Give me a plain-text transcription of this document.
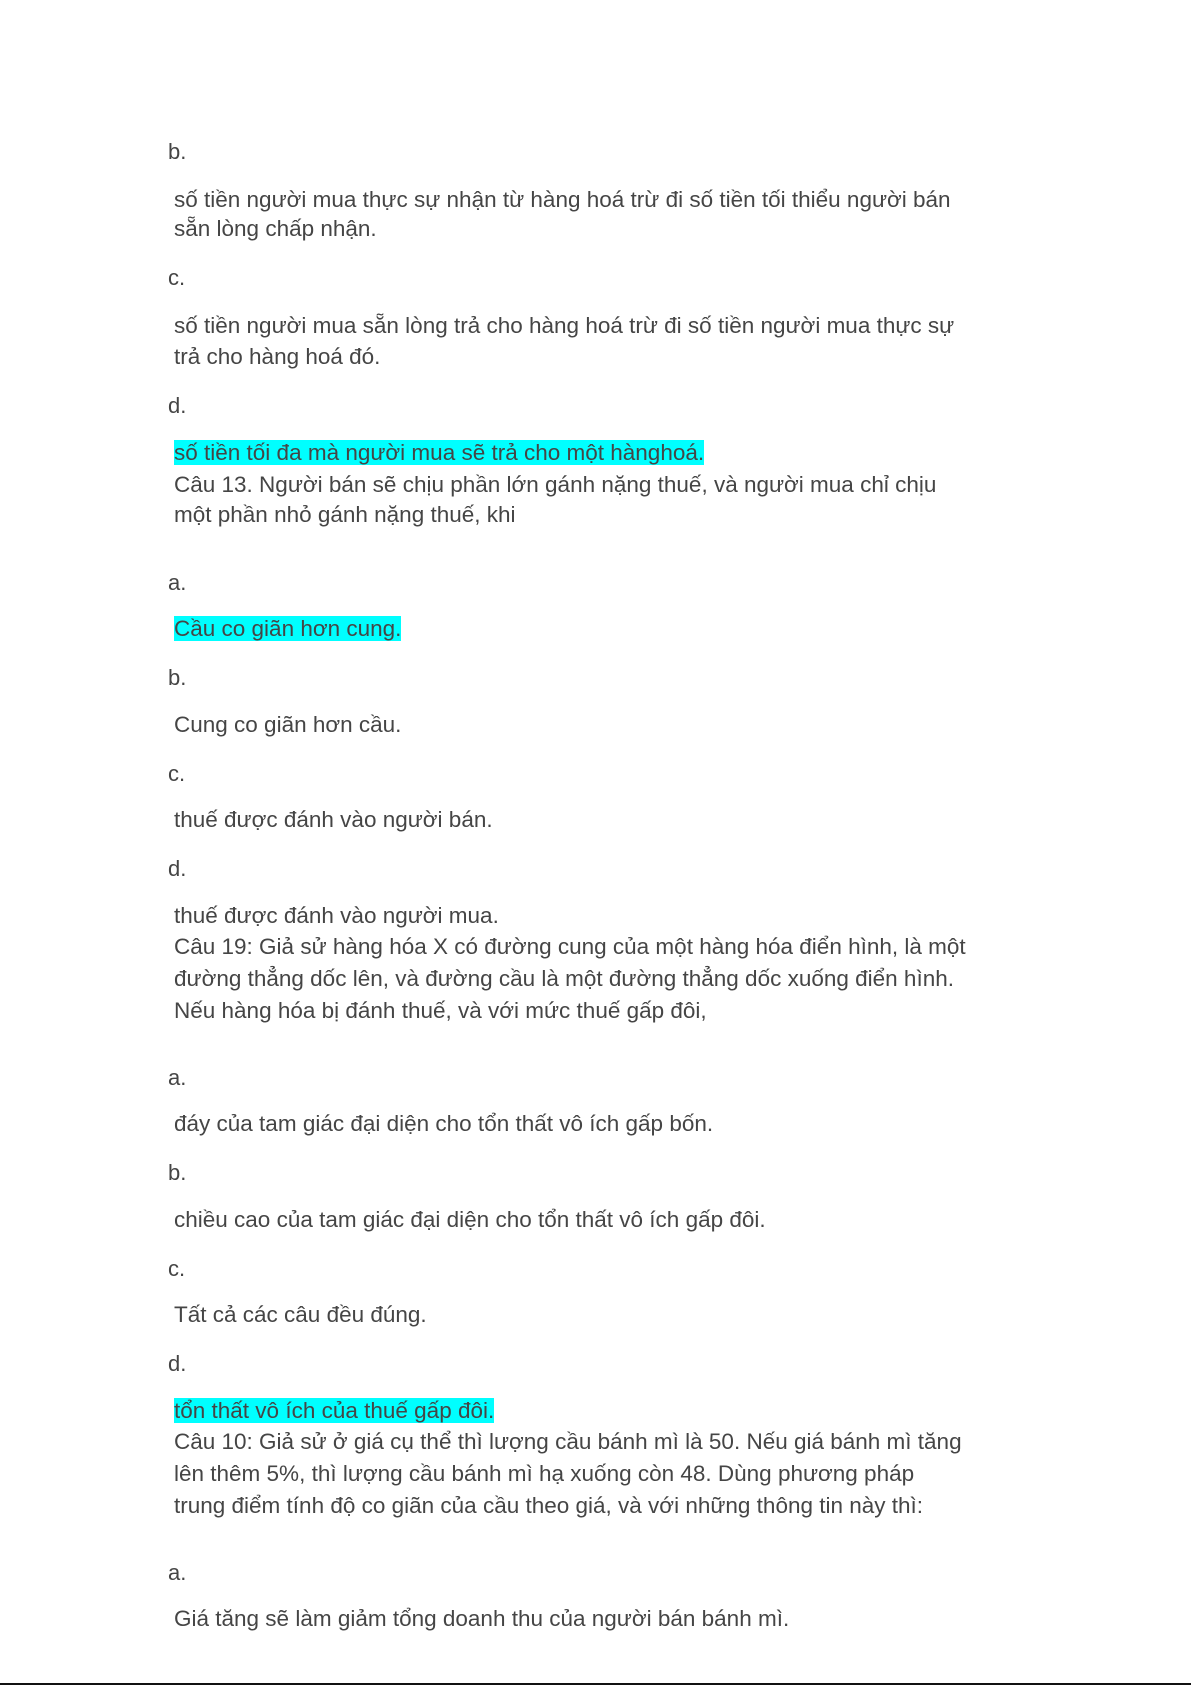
b.

số tiền người mua thực sự nhận từ hàng hoá trừ đi số tiền tối thiểu người bán

sẵn lòng chấp nhận.

c.

số tiền người mua sẵn lòng trả cho hàng hoá trừ đi số tiền người mua thực sự

trả cho hàng hoá đó.

d.

số tiền tối đa mà người mua sẽ trả cho một hànghoá.

Câu 13. Người bán sẽ chịu phần lớn gánh nặng thuế, và người mua chỉ chịu

một phần nhỏ gánh nặng thuế, khi

a.

Cầu co giãn hơn cung.

b.

Cung co giãn hơn cầu.

c.

thuế được đánh vào người bán.

d.

thuế được đánh vào người mua.

Câu 19: Giả sử hàng hóa X có đường cung của một hàng hóa điển hình, là một

đường thẳng dốc lên, và đường cầu là một đường thẳng dốc xuống điển hình.

Nếu hàng hóa bị đánh thuế, và với mức thuế gấp đôi,

a.

đáy của tam giác đại diện cho tổn thất vô ích gấp bốn.

b.

chiều cao của tam giác đại diện cho tổn thất vô ích gấp đôi.

c.

Tất cả các câu đều đúng.

d.

tổn thất vô ích của thuế gấp đôi.

Câu 10: Giả sử ở giá cụ thể thì lượng cầu bánh mì là 50. Nếu giá bánh mì tăng

lên thêm 5%, thì lượng cầu bánh mì hạ xuống còn 48. Dùng phương pháp

trung điểm tính độ co giãn của cầu theo giá, và với những thông tin này thì:

a.

Giá tăng sẽ làm giảm tổng doanh thu của người bán bánh mì.
